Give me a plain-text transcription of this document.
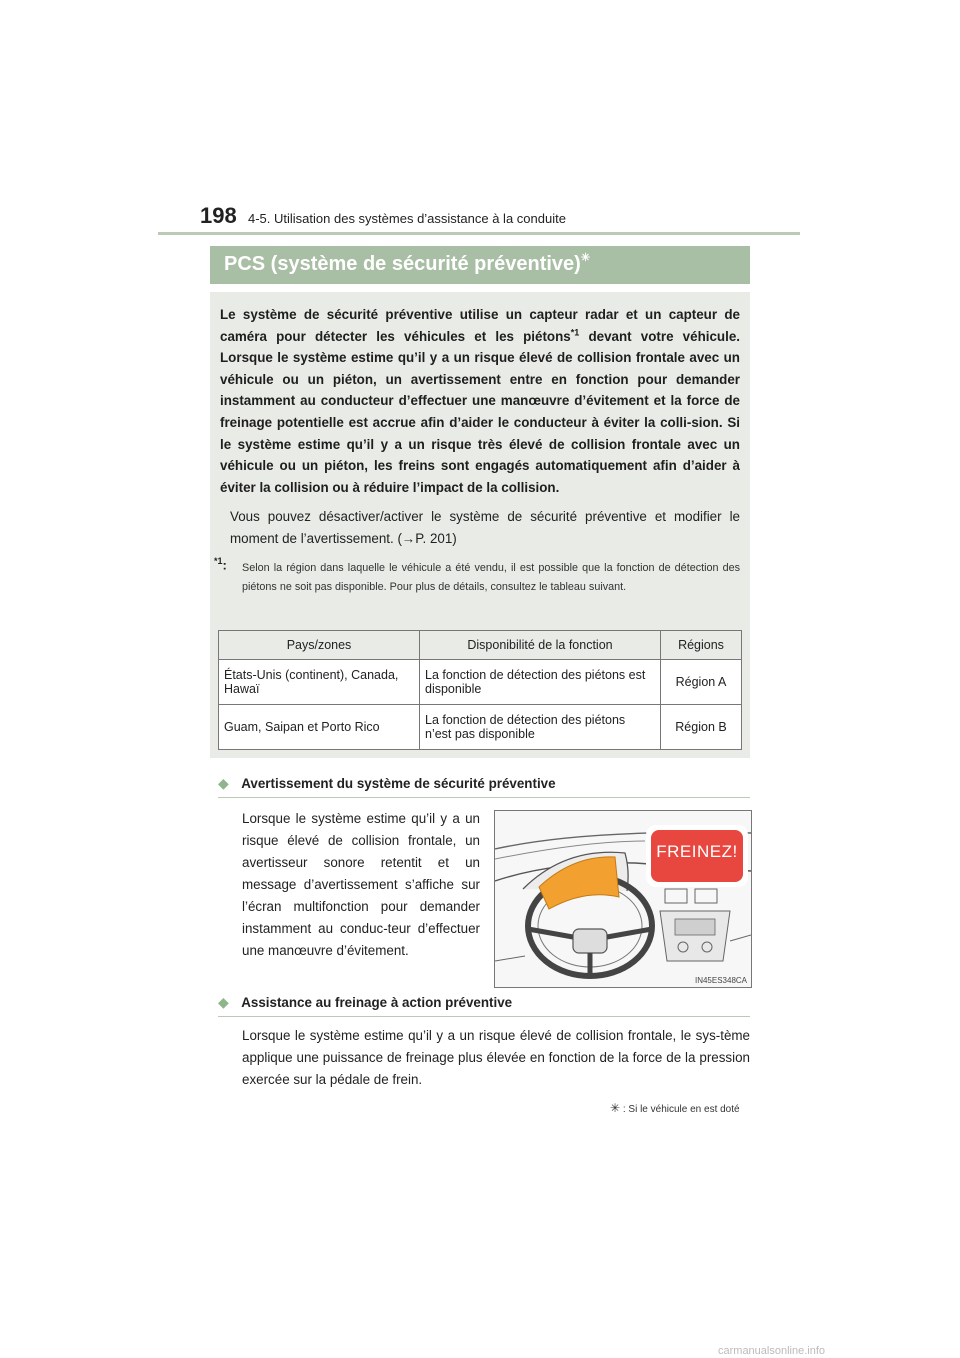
198 4-5. Utilisation des systèmes d’assistance à la conduite
PCS (système de sécurité préventive)✳
Le système de sécurité préventive utilise un capteur radar et un capteur de caméra pour détecter les véhicules et les piétons$^{*1}$ devant votre véhicule. Lorsque le système estime qu’il y a un risque élevé de collision frontale avec un véhicule ou un piéton, un avertissement entre en fonction pour demander instamment au conducteur d’effectuer une manœuvre d’évitement et la force de freinage potentielle est accrue afin d’aider le conducteur à éviter la colli-sion. Si le système estime qu’il y a un risque très élevé de collision frontale avec un véhicule ou un piéton, les freins sont engagés automatiquement afin d’aider à éviter la collision ou à réduire l’impact de la collision.
Vous pouvez désactiver/activer le système de sécurité préventive et modifier le moment de l’avertissement. (→P. 201)
$^{*1}$: Selon la région dans laquelle le véhicule a été vendu, il est possible que la fonction de détection des piétons ne soit pas disponible. Pour plus de détails, consultez le tableau suivant.
Pays/zones	Disponibilité de la fonction	Régions
États-Unis (continent), Canada, Hawaï	La fonction de détection des piétons est disponible	Région A
Guam, Saipan et Porto Rico	La fonction de détection des piétons n’est pas disponible	Région B
◆ Avertissement du système de sécurité préventive
Lorsque le système estime qu’il y a un risque élevé de collision frontale, un avertisseur sonore retentit et un message d’avertissement s’affiche sur l’écran multifonction pour demander instamment au conduc-teur d’effectuer une manœuvre d’évitement.
FREINEZ!
IN45ES348CA
◆ Assistance au freinage à action préventive
Lorsque le système estime qu’il y a un risque élevé de collision frontale, le sys-tème applique une puissance de freinage plus élevée en fonction de la force de la pression exercée sur la pédale de frein.
✳ : Si le véhicule en est doté
carmanualsonline.info
